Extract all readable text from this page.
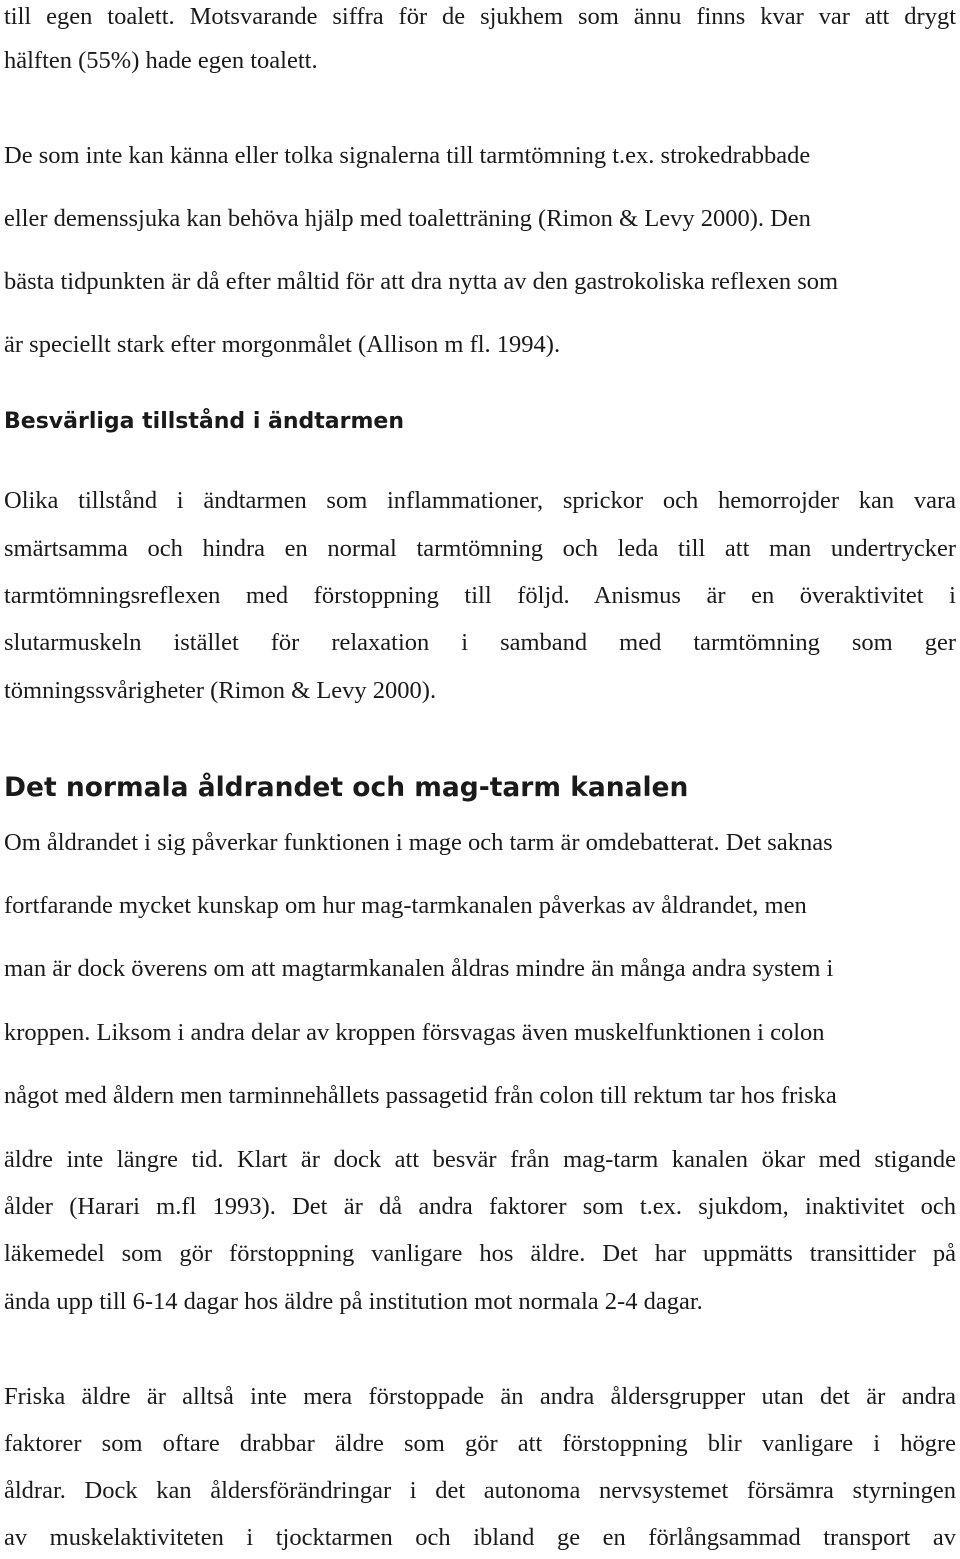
till egen toalett. Motsvarande siffra för de sjukhem som ännu finns kvar var att drygt
hälften (55%) hade egen toalett.
De som inte kan känna eller tolka signalerna till tarmtömning t.ex. strokedrabbade
eller demenssjuka kan behöva hjälp med toaletträning (Rimon & Levy 2000). Den
bästa tidpunkten är då efter måltid för att dra nytta av den gastrokoliska reflexen som
är speciellt stark efter morgonmålet (Allison m fl. 1994).
Besvärliga tillstånd i ändtarmen
Olika tillstånd i ändtarmen som inflammationer, sprickor och hemorrojder kan vara
smärtsamma och hindra en normal tarmtömning och leda till att man undertrycker
tarmtömningsreflexen med förstoppning till följd. Anismus är en överaktivitet i
slutarmuskeln istället för relaxation i samband med tarmtömning som ger
tömningssvårigheter (Rimon & Levy 2000).
Det normala åldrandet och mag-tarm kanalen
Om åldrandet i sig påverkar funktionen i mage och tarm är omdebatterat. Det saknas
fortfarande mycket kunskap om hur mag-tarmkanalen påverkas av åldrandet, men
man är dock överens om att magtarmkanalen åldras mindre än många andra system i
kroppen. Liksom i andra delar av kroppen försvagas även muskelfunktionen i colon
något med åldern men tarminnehållets passagetid från colon till rektum tar hos friska
äldre inte längre tid. Klart är dock att besvär från mag-tarm kanalen ökar med stigande
ålder (Harari m.fl 1993). Det är då andra faktorer som t.ex. sjukdom, inaktivitet och
läkemedel som gör förstoppning vanligare hos äldre. Det har uppmätts transittider på
ända upp till 6-14 dagar hos äldre på institution mot normala 2-4 dagar.
Friska äldre är alltså inte mera förstoppade än andra åldersgrupper utan det är andra
faktorer som oftare drabbar äldre som gör att förstoppning blir vanligare i högre
åldrar. Dock kan åldersförändringar i det autonoma nervsystemet försämra styrningen
av muskelaktiviteten i tjocktarmen och ibland ge en förlångsammad transport av
